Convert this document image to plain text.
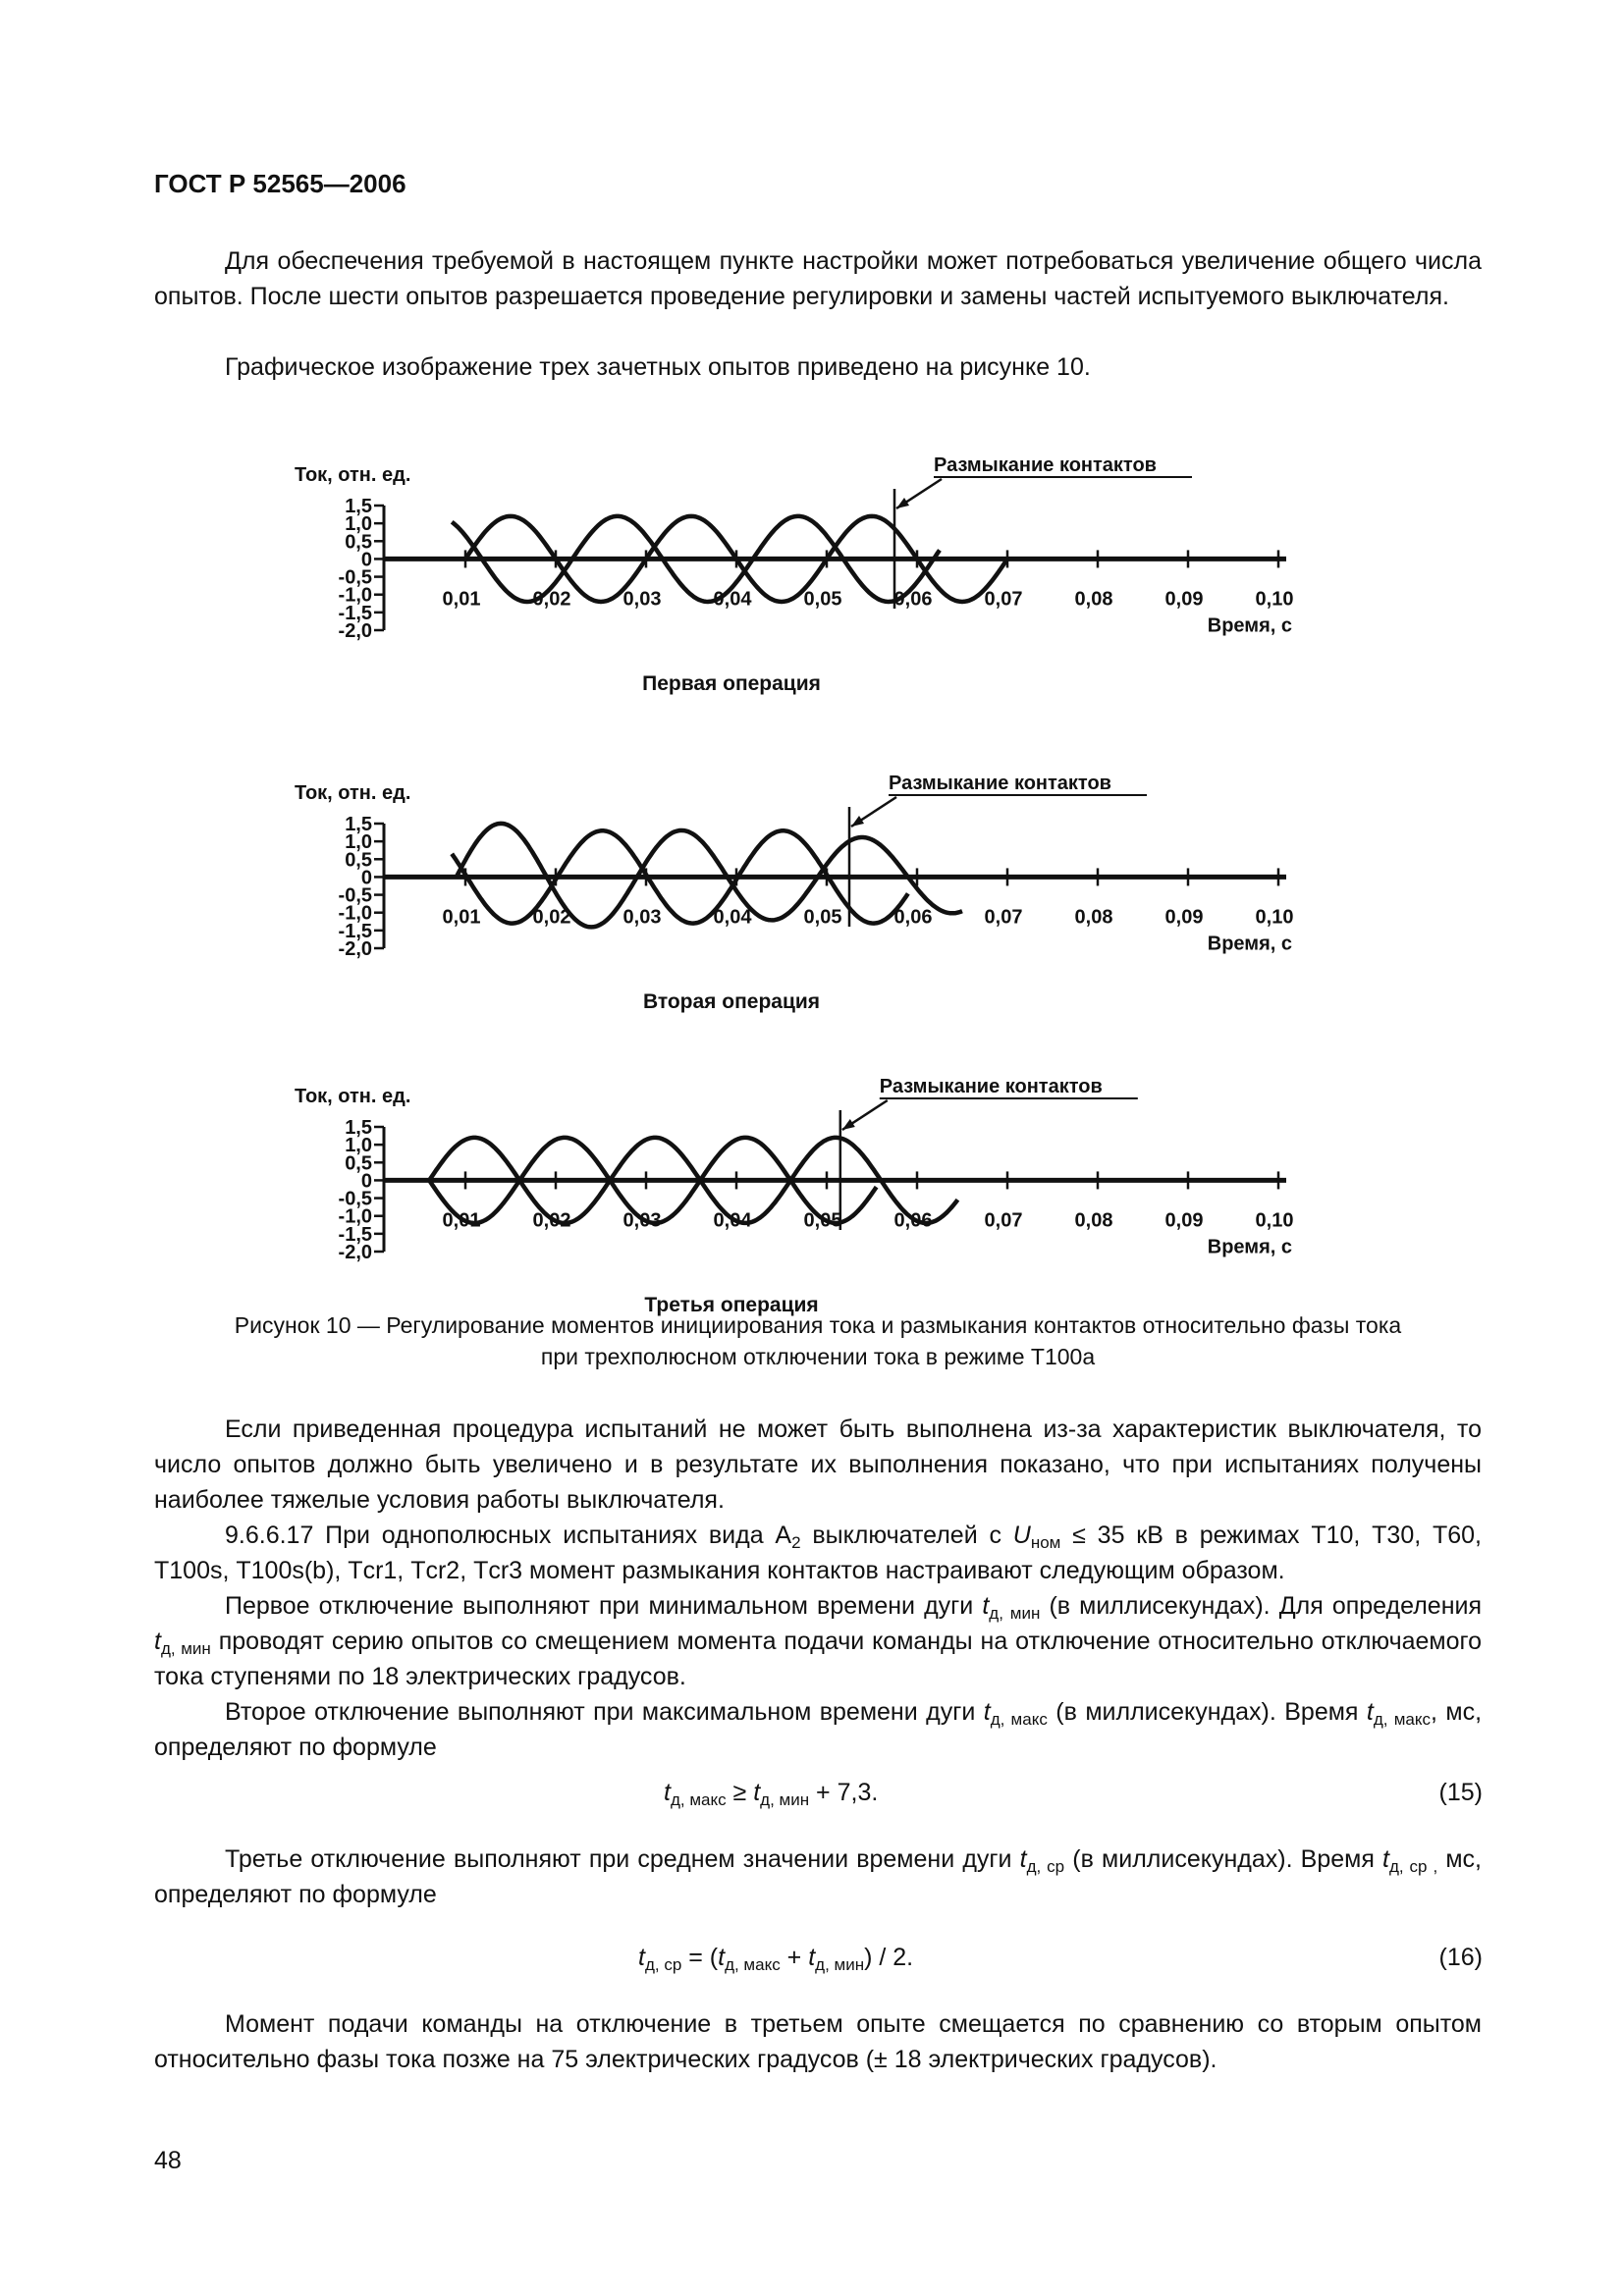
ГОСТ Р 52565—2006

Для обеспечения требуемой в настоящем пункте настройки может потребоваться увеличение общего числа опытов. После шести опытов разрешается проведение регулировки и замены частей испытуемого выключателя.

Графическое изображение трех зачетных опытов приведено на рисунке 10.

Ток, отн. ед.
1,5
1,0
0,5
0
-0,5
-1,0
-1,5
-2,0
0,01	0,02	0,03	0,04	0,05	0,06	0,07	0,08	0,09	0,10
Время, с
Размыкание контактов
Первая операция
Ток, отн. ед.
1,5
1,0
0,5
0
-0,5
-1,0
-1,5
-2,0
0,01	0,02	0,03	0,04	0,05	0,06	0,07	0,08	0,09	0,10
Время, с
Размыкание контактов
Вторая операция
Ток, отн. ед.
1,5
1,0
0,5
0
-0,5
-1,0
-1,5
-2,0
0,01	0,02	0,03	0,04	0,05	0,06	0,07	0,08	0,09	0,10
Время, с
Размыкание контактов
Третья операция
Рисунок 10 — Регулирование моментов инициирования тока и размыкания контактов относительно фазы тока
при трехполюсном отключении тока в режиме Т100а

Если приведенная процедура испытаний не может быть выполнена из-за характеристик выключателя, то число опытов должно быть увеличено и в результате их выполнения показано, что при испытаниях получены наиболее тяжелые условия работы выключателя.

9.6.6.17 При однополюсных испытаниях вида $А_2$ выключателей с $U_{ном} \le 35$ кВ в режимах Т10, Т30, Т60, Т100s, Т100s(b), Тcr1, Тcr2, Тcr3 момент размыкания контактов настраивают следующим образом.

Первое отключение выполняют при минимальном времени дуги $t_{д, мин}$ (в миллисекундах). Для определения $t_{д, мин}$ проводят серию опытов со смещением момента подачи команды на отключение относительно отключаемого тока ступенями по 18 электрических градусов.

Второе отключение выполняют при максимальном времени дуги $t_{д, макс}$ (в миллисекундах). Время $t_{д, макс}$, мс, определяют по формуле

$t_{д, макс} \ge t_{д, мин} + 7,3$.	(15)

Третье отключение выполняют при среднем значении времени дуги $t_{д, ср}$ (в миллисекундах). Время $t_{д, ср ,}$ мс, определяют по формуле

$t_{д, ср} = (t_{д, макс} + t_{д, мин}) / 2$.	(16)

Момент подачи команды на отключение в третьем опыте смещается по сравнению со вторым опытом относительно фазы тока позже на 75 электрических градусов (± 18 электрических градусов).

48
